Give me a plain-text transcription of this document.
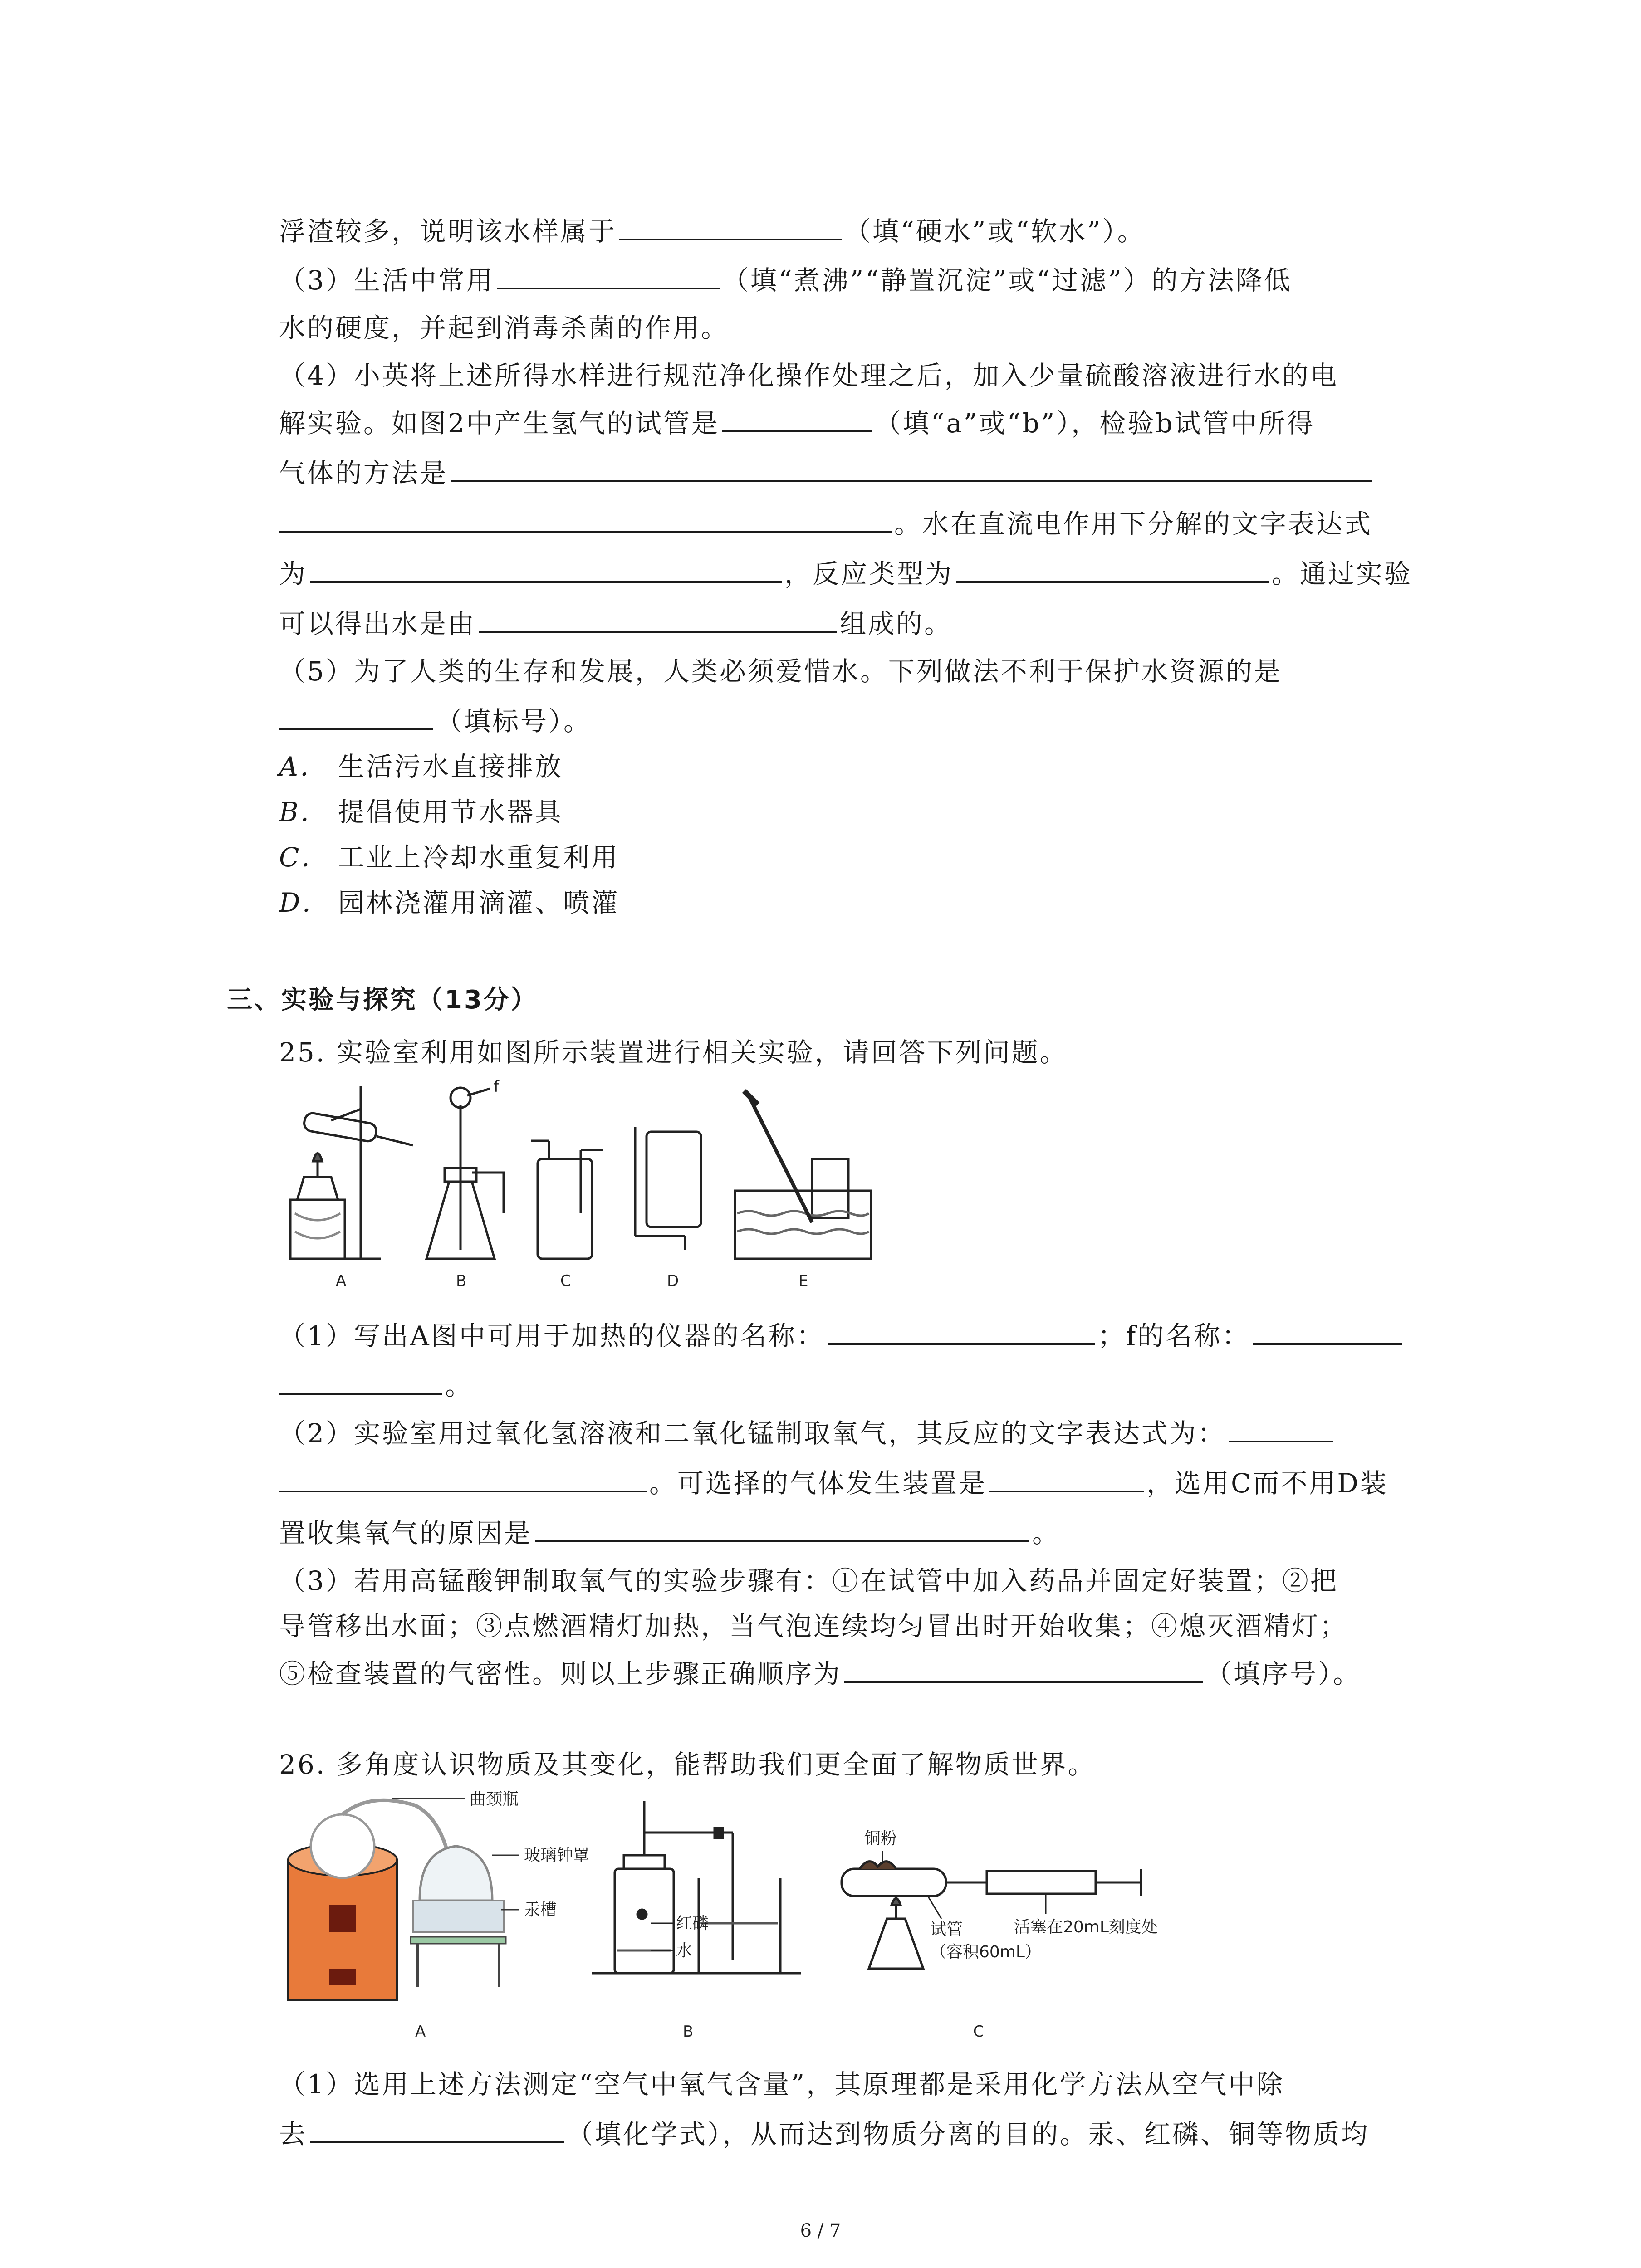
浮渣较多，说明该水样属于	（填“硬水”或“软水”）。
（3）生活中常用	（填“煮沸”“静置沉淀”或“过滤”）的方法降低
水的硬度，并起到消毒杀菌的作用。
（4）小英将上述所得水样进行规范净化操作处理之后，加入少量硫酸溶液进行水的电
解实验。如图2中产生氢气的试管是	（填“a”或“b”），检验b试管中所得
气体的方法是
。水在直流电作用下分解的文字表达式
为	，反应类型为	。通过实验
可以得出水是由	组成的。
（5）为了人类的生存和发展，人类必须爱惜水。下列做法不利于保护水资源的是
（填标号）。
A． 生活污水直接排放
B． 提倡使用节水器具
C． 工业上冷却水重复利用
D． 园林浇灌用滴灌、喷灌
三、实验与探究（13分）
25. 实验室利用如图所示装置进行相关实验，请回答下列问题。
f
A	B	C	D	E
（1）写出A图中可用于加热的仪器的名称：	；f的名称：
。
（2）实验室用过氧化氢溶液和二氧化锰制取氧气，其反应的文字表达式为：
。可选择的气体发生装置是	，选用C而不用D装
置收集氧气的原因是	。
（3）若用高锰酸钾制取氧气的实验步骤有：①在试管中加入药品并固定好装置；②把
导管移出水面；③点燃酒精灯加热，当气泡连续均匀冒出时开始收集；④熄灭酒精灯；
⑤检查装置的气密性。则以上步骤正确顺序为	（填序号）。
26. 多角度认识物质及其变化，能帮助我们更全面了解物质世界。
曲颈瓶
玻璃钟罩
汞槽
红磷
水
铜粉
试管
（容积60mL）
活塞在20mL刻度处
A	B	C
（1）选用上述方法测定“空气中氧气含量”，其原理都是采用化学方法从空气中除
去	（填化学式），从而达到物质分离的目的。汞、红磷、铜等物质均
6 / 7
